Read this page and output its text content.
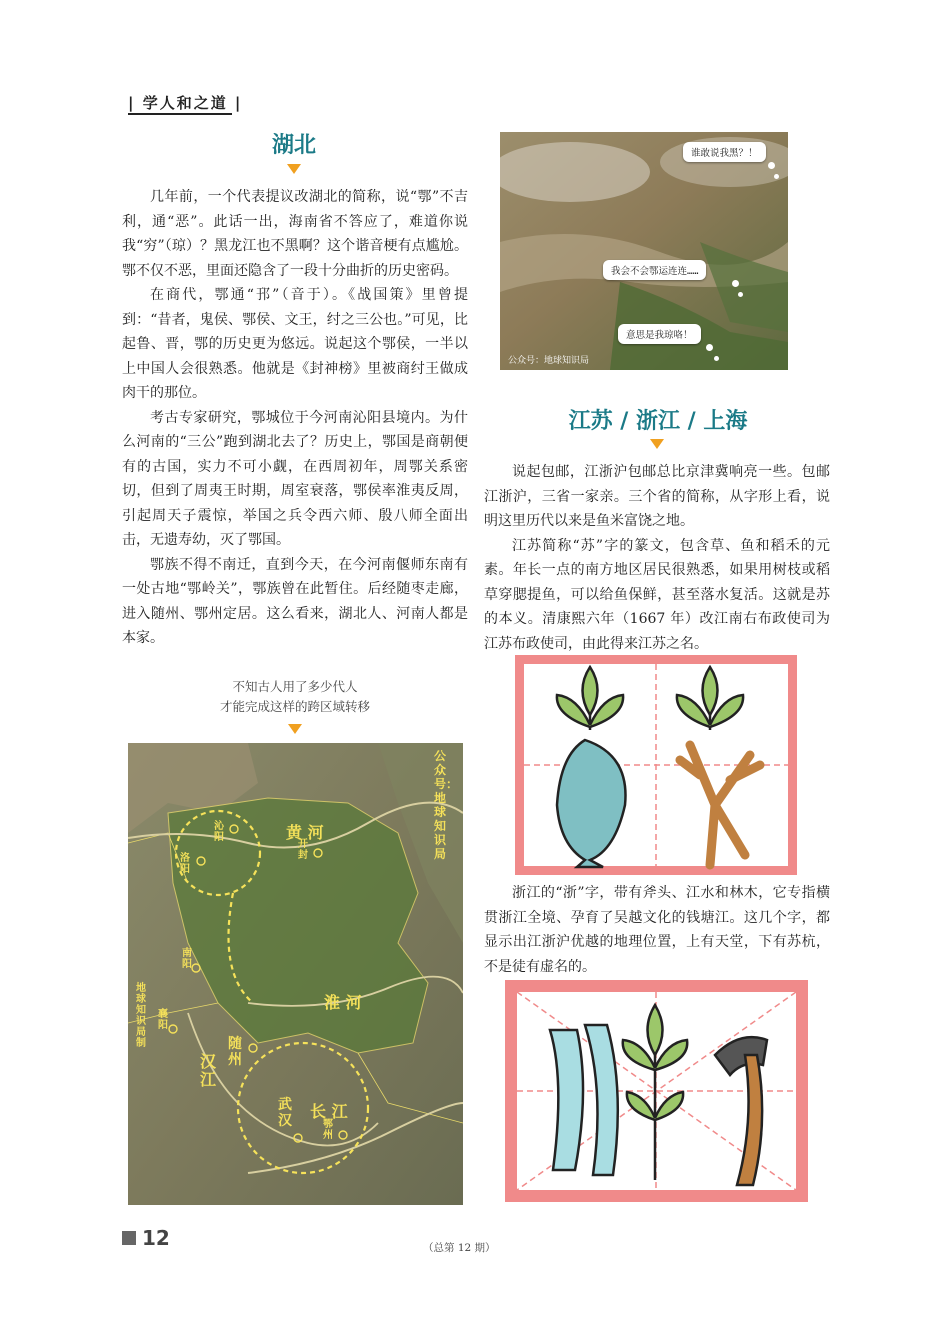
| 学人和之道 |
湖北

几年前，一个代表提议改湖北的简称，说“鄂”不吉利，通“恶”。此话一出，海南省不答应了，难道你说我“穷”（琼）？黑龙江也不黑啊？这个谐音梗有点尴尬。鄂不仅不恶，里面还隐含了一段十分曲折的历史密码。

在商代，鄂通“邘”（音于）。《战国策》里曾提到：“昔者，鬼侯、鄂侯、文王，纣之三公也。”可见，比起鲁、晋，鄂的历史更为悠远。说起这个鄂侯，一半以上中国人会很熟悉。他就是《封神榜》里被商纣王做成肉干的那位。

考古专家研究，鄂城位于今河南沁阳县境内。为什么河南的“三公”跑到湖北去了？历史上，鄂国是商朝便有的古国，实力不可小觑，在西周初年，周鄂关系密切，但到了周夷王时期，周室衰落，鄂侯率淮夷反周，引起周天子震惊，举国之兵令西六师、殷八师全面出击，无遗寿幼，灭了鄂国。

鄂族不得不南迁，直到今天，在今河南偃师东南有一处古地“鄂岭关”，鄂族曾在此暂住。后经随枣走廊，进入随州、鄂州定居。这么看来，湖北人、河南人都是本家。

不知古人用了多少代人
才能完成这样的跨区域转移
黄 河
淮 河
汉 江
长 江
沁阳
洛阳
开封
南阳
襄阳
随州
武汉	鄂州
公众号：地球知识局
地球知识局制
谁敢说我黑？！
我会不会鄂运连连……
意思是我琼咯！
公众号：地球知识局
江苏 / 浙江 / 上海

说起包邮，江浙沪包邮总比京津冀响亮一些。包邮江浙沪，三省一家亲。三个省的简称，从字形上看，说明这里历代以来是鱼米富饶之地。

江苏简称“苏”字的篆文，包含草、鱼和稻禾的元素。年长一点的南方地区居民很熟悉，如果用树枝或稻草穿腮提鱼，可以给鱼保鲜，甚至落水复活。这就是苏的本义。清康熙六年（1667 年）改江南右布政使司为江苏布政使司，由此得来江苏之名。

浙江的“浙”字，带有斧头、江水和林木，它专指横贯浙江全境、孕育了吴越文化的钱塘江。这几个字，都显示出江浙沪优越的地理位置，上有天堂，下有苏杭，不是徒有虚名的。

12	（总第 12 期）
